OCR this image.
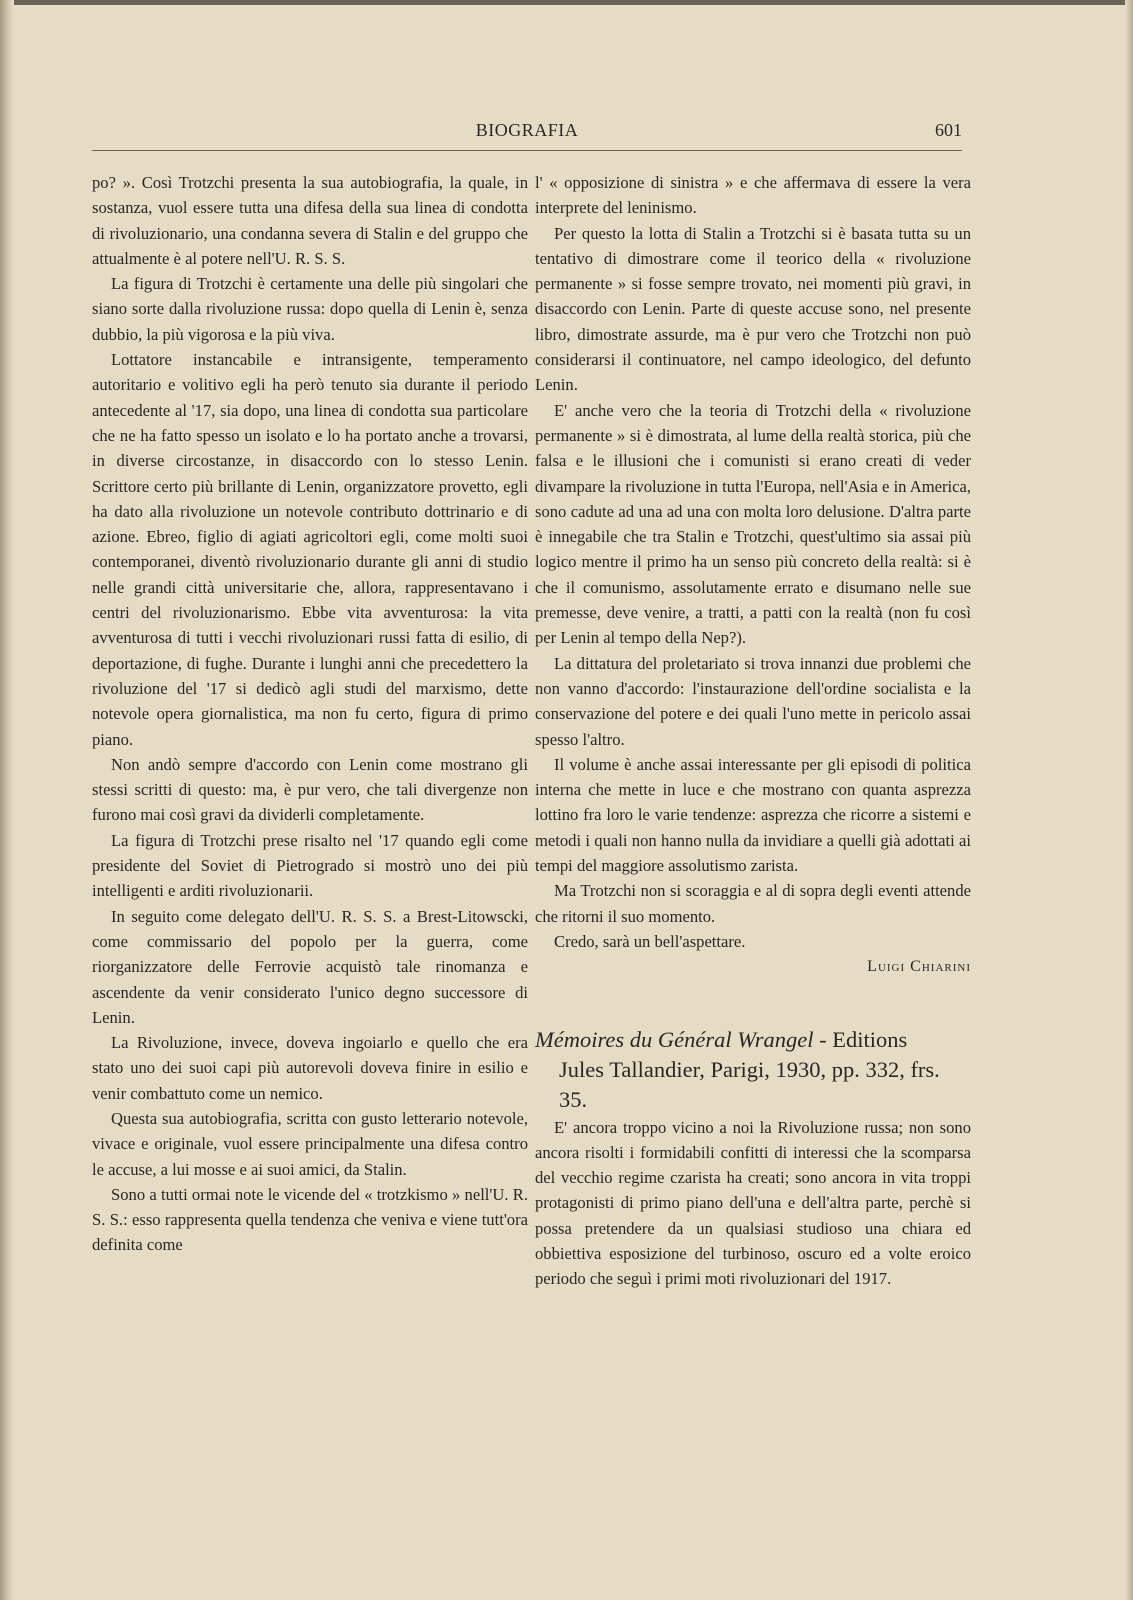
BIOGRAFIA	601

po? ». Così Trotzchi presenta la sua autobiografia, la quale, in sostanza, vuol essere tutta una difesa della sua linea di condotta di rivoluzionario, una condanna severa di Stalin e del gruppo che attualmente è al potere nell'U. R. S. S.

La figura di Trotzchi è certamente una delle più singolari che siano sorte dalla rivoluzione russa: dopo quella di Lenin è, senza dubbio, la più vigorosa e la più viva.

Lottatore instancabile e intransigente, temperamento autoritario e volitivo egli ha però tenuto sia durante il periodo antecedente al '17, sia dopo, una linea di condotta sua particolare che ne ha fatto spesso un isolato e lo ha portato anche a trovarsi, in diverse circostanze, in disaccordo con lo stesso Lenin. Scrittore certo più brillante di Lenin, organizzatore provetto, egli ha dato alla rivoluzione un notevole contributo dottrinario e di azione. Ebreo, figlio di agiati agricoltori egli, come molti suoi contemporanei, diventò rivoluzionario durante gli anni di studio nelle grandi città universitarie che, allora, rappresentavano i centri del rivoluzionarismo. Ebbe vita avventurosa: la vita avventurosa di tutti i vecchi rivoluzionari russi fatta di esilio, di deportazione, di fughe. Durante i lunghi anni che precedettero la rivoluzione del '17 si dedicò agli studi del marxismo, dette notevole opera giornalistica, ma non fu certo, figura di primo piano.

Non andò sempre d'accordo con Lenin come mostrano gli stessi scritti di questo: ma, è pur vero, che tali divergenze non furono mai così gravi da dividerli completamente.

La figura di Trotzchi prese risalto nel '17 quando egli come presidente del Soviet di Pietrogrado si mostrò uno dei più intelligenti e arditi rivoluzionarii.

In seguito come delegato dell'U. R. S. S. a Brest-Litowscki, come commissario del popolo per la guerra, come riorganizzatore delle Ferrovie acquistò tale rinomanza e ascendente da venir considerato l'unico degno successore di Lenin.

La Rivoluzione, invece, doveva ingoiarlo e quello che era stato uno dei suoi capi più autorevoli doveva finire in esilio e venir combattuto come un nemico.

Questa sua autobiografia, scritta con gusto letterario notevole, vivace e originale, vuol essere principalmente una difesa contro le accuse, a lui mosse e ai suoi amici, da Stalin.

Sono a tutti ormai note le vicende del « trotzkismo » nell'U. R. S. S.: esso rappresenta quella tendenza che veniva e viene tutt'ora definita come

l' « opposizione di sinistra » e che affermava di essere la vera interprete del leninismo.

Per questo la lotta di Stalin a Trotzchi si è basata tutta su un tentativo di dimostrare come il teorico della « rivoluzione permanente » si fosse sempre trovato, nei momenti più gravi, in disaccordo con Lenin. Parte di queste accuse sono, nel presente libro, dimostrate assurde, ma è pur vero che Trotzchi non può considerarsi il continuatore, nel campo ideologico, del defunto Lenin.

E' anche vero che la teoria di Trotzchi della « rivoluzione permanente » si è dimostrata, al lume della realtà storica, più che falsa e le illusioni che i comunisti si erano creati di veder divampare la rivoluzione in tutta l'Europa, nell'Asia e in America, sono cadute ad una ad una con molta loro delusione. D'altra parte è innegabile che tra Stalin e Trotzchi, quest'ultimo sia assai più logico mentre il primo ha un senso più concreto della realtà: si è che il comunismo, assolutamente errato e disumano nelle sue premesse, deve venire, a tratti, a patti con la realtà (non fu così per Lenin al tempo della Nep?).

La dittatura del proletariato si trova innanzi due problemi che non vanno d'accordo: l'instaurazione dell'ordine socialista e la conservazione del potere e dei quali l'uno mette in pericolo assai spesso l'altro.

Il volume è anche assai interessante per gli episodi di politica interna che mette in luce e che mostrano con quanta asprezza lottino fra loro le varie tendenze: asprezza che ricorre a sistemi e metodi i quali non hanno nulla da invidiare a quelli già adottati ai tempi del maggiore assolutismo zarista.

Ma Trotzchi non si scoraggia e al di sopra degli eventi attende che ritorni il suo momento.

Credo, sarà un bell'aspettare.

Luigi Chiarini

Mémoires du Général Wrangel - Editions
Jules Tallandier, Parigi, 1930, pp. 332, frs. 35.

E' ancora troppo vicino a noi la Rivoluzione russa; non sono ancora risolti i formidabili confitti di interessi che la scomparsa del vecchio regime czarista ha creati; sono ancora in vita troppi protagonisti di primo piano dell'una e dell'altra parte, perchè si possa pretendere da un qualsiasi studioso una chiara ed obbiettiva esposizione del turbinoso, oscuro ed a volte eroico periodo che seguì i primi moti rivoluzionari del 1917.
